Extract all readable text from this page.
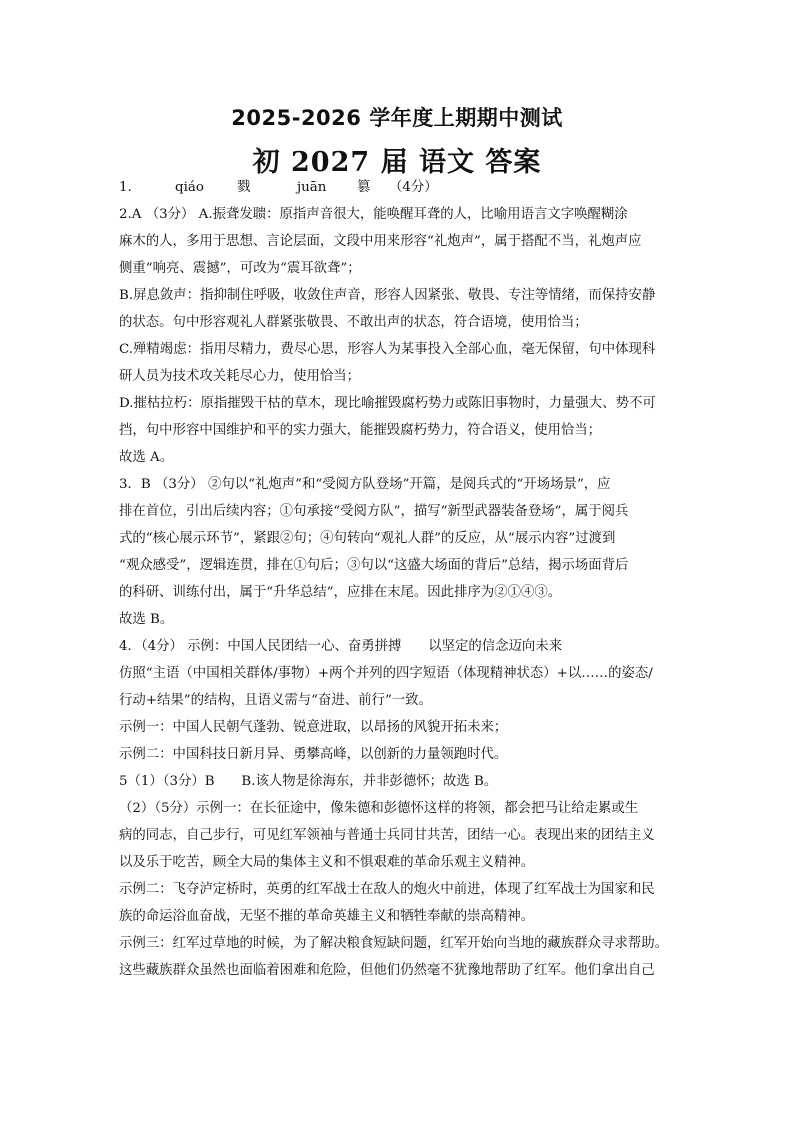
2025-2026 学年度上期期中测试
初 2027 届 语文 答案
1.	qiáo 戮	juān 篡 （4分）
2.A （3分） A.振聋发聩：原指声音很大，能唤醒耳聋的人，比喻用语言文字唤醒糊涂
麻木的人，多用于思想、言论层面，文段中用来形容“礼炮声”，属于搭配不当，礼炮声应
侧重“响亮、震撼”，可改为“震耳欲聋”；
B.屏息敛声：指抑制住呼吸，收敛住声音，形容人因紧张、敬畏、专注等情绪，而保持安静
的状态。句中形容观礼人群紧张敬畏、不敢出声的状态，符合语境，使用恰当；
C.殚精竭虑：指用尽精力，费尽心思，形容人为某事投入全部心血，毫无保留，句中体现科
研人员为技术攻关耗尽心力，使用恰当；
D.摧枯拉朽：原指摧毁干枯的草木，现比喻摧毁腐朽势力或陈旧事物时，力量强大、势不可
挡，句中形容中国维护和平的实力强大，能摧毁腐朽势力，符合语义，使用恰当；
故选 A。
3．B （3分） ②句以“礼炮声”和“受阅方队登场”开篇，是阅兵式的“开场场景”，应
排在首位，引出后续内容；①句承接“受阅方队”，描写“新型武器装备登场”，属于阅兵
式的“核心展示环节”，紧跟②句；④句转向“观礼人群”的反应，从“展示内容”过渡到
“观众感受”，逻辑连贯，排在①句后；③句以“这盛大场面的背后”总结，揭示场面背后
的科研、训练付出，属于“升华总结”，应排在末尾。因此排序为②①④③。
故选 B。
4．（4分） 示例：中国人民团结一心、奋勇拼搏　　以坚定的信念迈向未来
仿照“主语（中国相关群体/事物）+两个并列的四字短语（体现精神状态）+以……的姿态/
行动+结果”的结构，且语义需与“奋进、前行”一致。
示例一：中国人民朝气蓬勃、锐意进取，以昂扬的风貌开拓未来；
示例二：中国科技日新月异、勇攀高峰，以创新的力量领跑时代。
5（1）（3分）B　　B.该人物是徐海东，并非彭德怀；故选 B。
（2）（5分）示例一：在长征途中，像朱德和彭德怀这样的将领，都会把马让给走累或生
病的同志，自己步行，可见红军领袖与普通士兵同甘共苦，团结一心。表现出来的团结主义
以及乐于吃苦，顾全大局的集体主义和不惧艰难的革命乐观主义精神。
示例二：飞夺泸定桥时，英勇的红军战士在敌人的炮火中前进，体现了红军战士为国家和民
族的命运浴血奋战，无坚不摧的革命英雄主义和牺牲奉献的崇高精神。
示例三：红军过草地的时候，为了解决粮食短缺问题，红军开始向当地的藏族群众寻求帮助。
这些藏族群众虽然也面临着困难和危险，但他们仍然毫不犹豫地帮助了红军。他们拿出自己
